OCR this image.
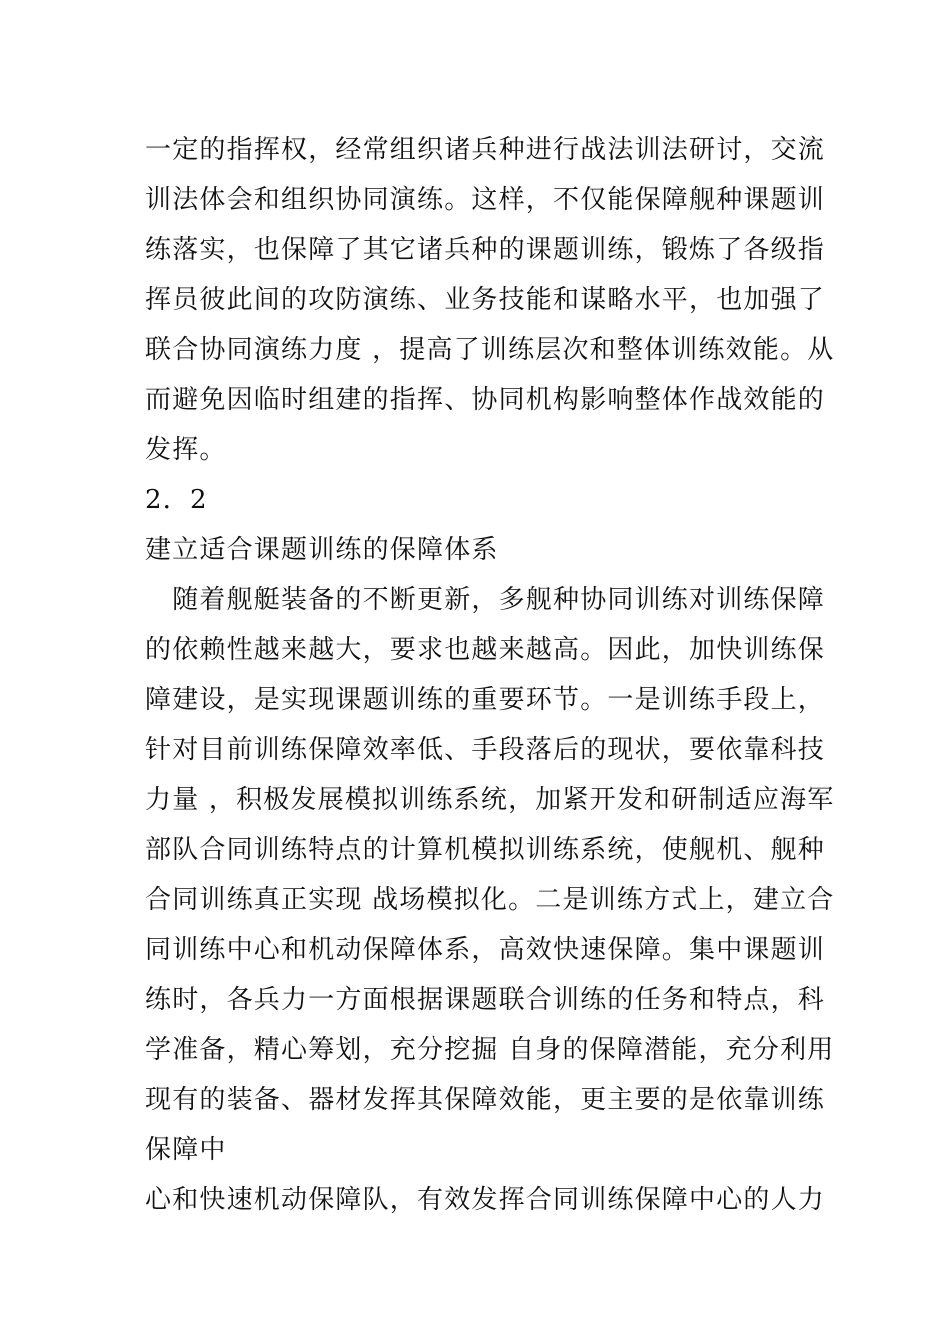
一定的指挥权，经常组织诸兵种进行战法训法研讨，交流
训法体会和组织协同演练。这样，不仅能保障舰种课题训
练落实，也保障了其它诸兵种的课题训练，锻炼了各级指
挥员彼此间的攻防演练、业务技能和谋略水平，也加强了
联合协同演练力度 ，提高了训练层次和整体训练效能。从
而避免因临时组建的指挥、协同机构影响整体作战效能的
发挥。
2．2
建立适合课题训练的保障体系
　随着舰艇装备的不断更新，多舰种协同训练对训练保障
的依赖性越来越大，要求也越来越高。因此，加快训练保
障建设，是实现课题训练的重要环节。一是训练手段上，
针对目前训练保障效率低、手段落后的现状，要依靠科技
力量 ，积极发展模拟训练系统，加紧开发和研制适应海军
部队合同训练特点的计算机模拟训练系统，使舰机、舰种
合同训练真正实现 战场模拟化。二是训练方式上，建立合
同训练中心和机动保障体系，高效快速保障。集中课题训
练时，各兵力一方面根据课题联合训练的任务和特点，科
学准备，精心筹划，充分挖掘 自身的保障潜能，充分利用
现有的装备、器材发挥其保障效能，更主要的是依靠训练
保障中
心和快速机动保障队，有效发挥合同训练保障中心的人力
